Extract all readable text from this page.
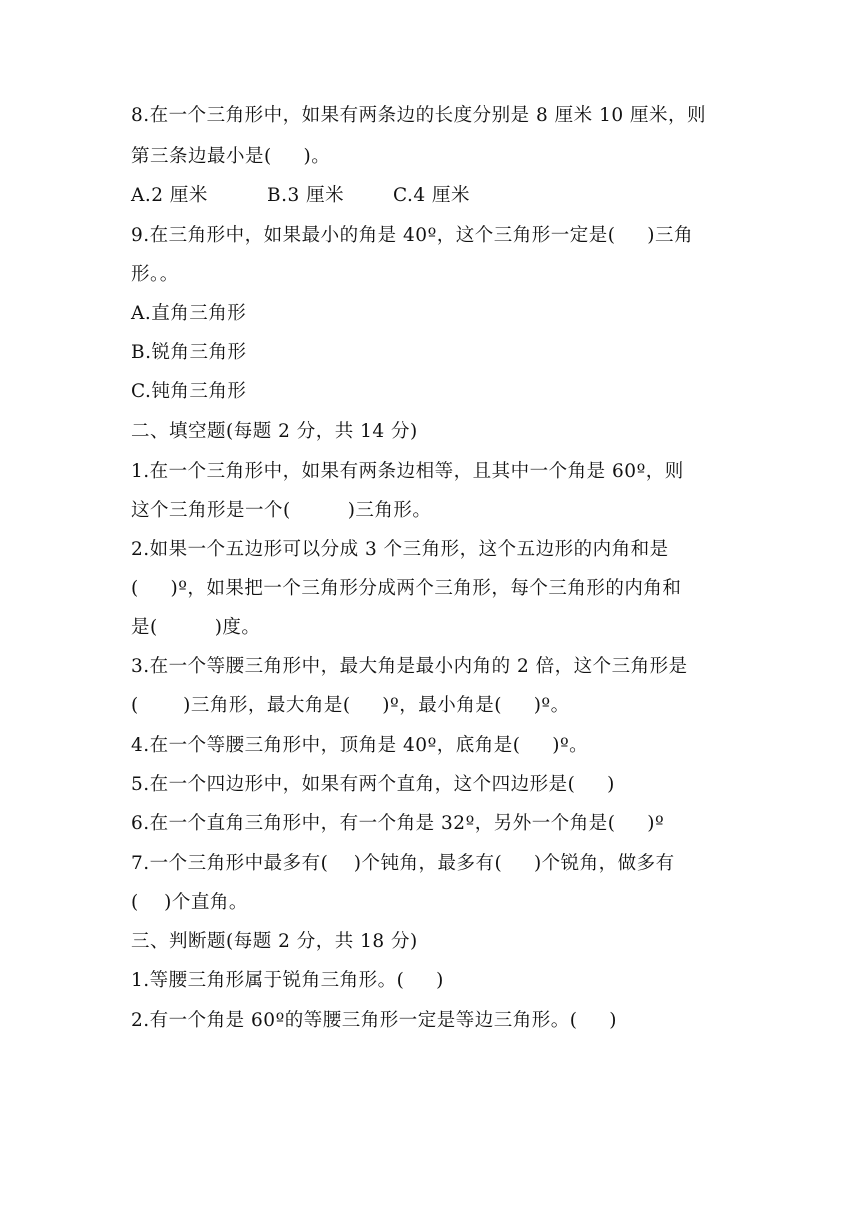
8.在一个三角形中，如果有两条边的长度分别是 8 厘米 10 厘米，则
第三条边最小是(　  )。
A.2 厘米	B.3 厘米	C.4 厘米
9.在三角形中，如果最小的角是 40º，这个三角形一定是(　  )三角
形。。
A.直角三角形
B.锐角三角形
C.钝角三角形
二、填空题(每题 2 分，共 14 分)
1.在一个三角形中，如果有两条边相等，且其中一个角是 60º，则
这个三角形是一个(　　　)三角形。
2.如果一个五边形可以分成 3 个三角形，这个五边形的内角和是
(　  )º，如果把一个三角形分成两个三角形，每个三角形的内角和
是(　　　)度。
3.在一个等腰三角形中，最大角是最小内角的 2 倍，这个三角形是
(　　 )三角形，最大角是(　  )º，最小角是(　  )º。
4.在一个等腰三角形中，顶角是 40º，底角是(　  )º。
5.在一个四边形中，如果有两个直角，这个四边形是(　  )
6.在一个直角三角形中，有一个角是 32º，另外一个角是(　  )º
7.一个三角形中最多有(　 )个钝角，最多有(　  )个锐角，做多有
(　 )个直角。
三、判断题(每题 2 分，共 18 分)
1.等腰三角形属于锐角三角形。(　  )
2.有一个角是 60º的等腰三角形一定是等边三角形。(　  )
